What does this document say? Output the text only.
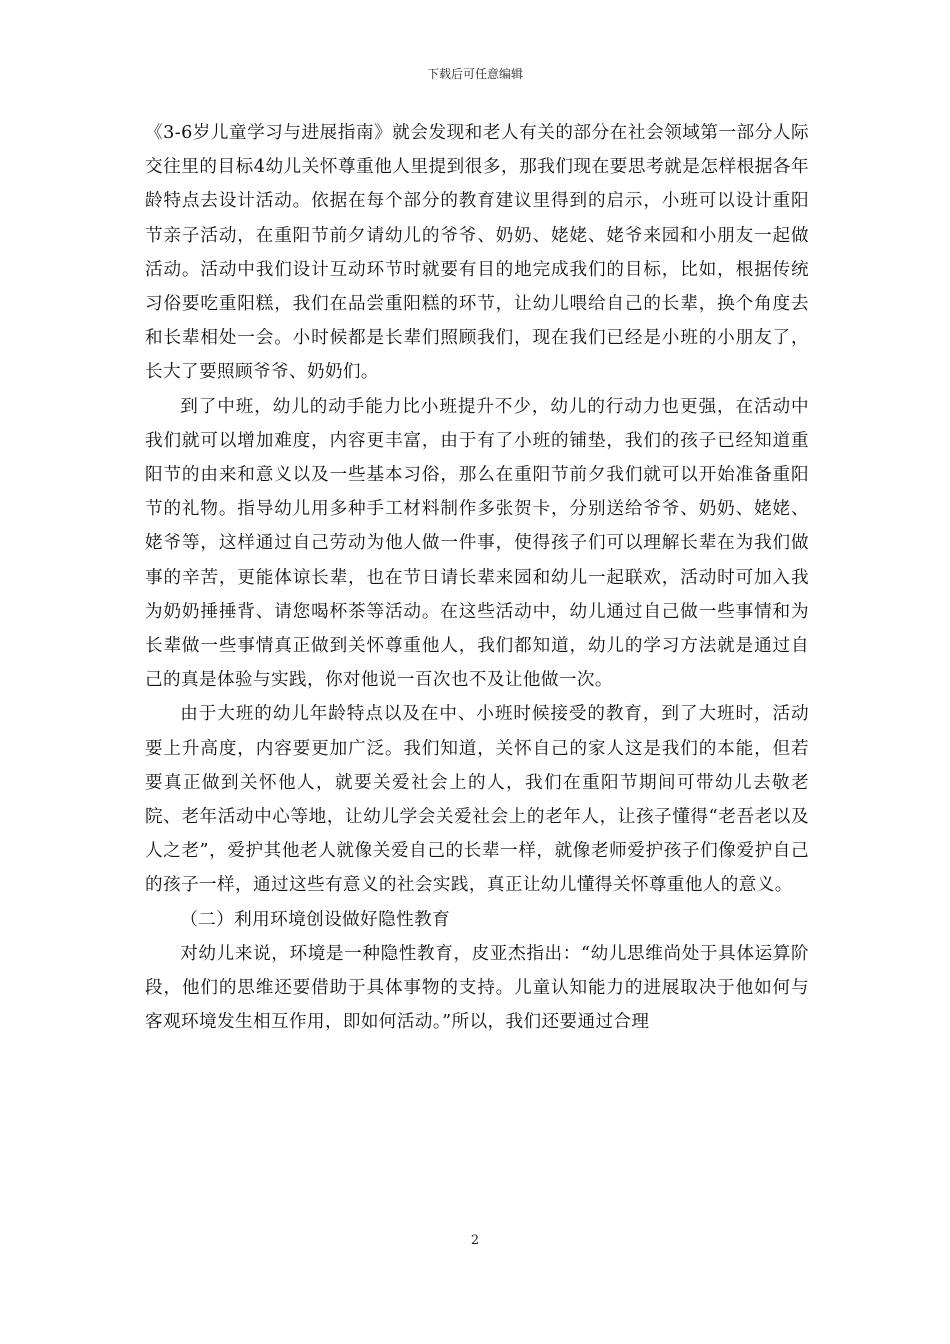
下载后可任意编辑

《3-6岁儿童学习与进展指南》就会发现和老人有关的部分在社会领域第一部分人际交往里的目标4幼儿关怀尊重他人里提到很多，那我们现在要思考就是怎样根据各年龄特点去设计活动。依据在每个部分的教育建议里得到的启示，小班可以设计重阳节亲子活动，在重阳节前夕请幼儿的爷爷、奶奶、姥姥、姥爷来园和小朋友一起做活动。活动中我们设计互动环节时就要有目的地完成我们的目标，比如，根据传统习俗要吃重阳糕，我们在品尝重阳糕的环节，让幼儿喂给自己的长辈，换个角度去和长辈相处一会。小时候都是长辈们照顾我们，现在我们已经是小班的小朋友了，长大了要照顾爷爷、奶奶们。

到了中班，幼儿的动手能力比小班提升不少，幼儿的行动力也更强，在活动中我们就可以增加难度，内容更丰富，由于有了小班的铺垫，我们的孩子已经知道重阳节的由来和意义以及一些基本习俗，那么在重阳节前夕我们就可以开始准备重阳节的礼物。指导幼儿用多种手工材料制作多张贺卡，分别送给爷爷、奶奶、姥姥、姥爷等，这样通过自己劳动为他人做一件事，使得孩子们可以理解长辈在为我们做事的辛苦，更能体谅长辈，也在节日请长辈来园和幼儿一起联欢，活动时可加入我为奶奶捶捶背、请您喝杯茶等活动。在这些活动中，幼儿通过自己做一些事情和为长辈做一些事情真正做到关怀尊重他人，我们都知道，幼儿的学习方法就是通过自己的真是体验与实践，你对他说一百次也不及让他做一次。

由于大班的幼儿年龄特点以及在中、小班时候接受的教育，到了大班时，活动要上升高度，内容要更加广泛。我们知道，关怀自己的家人这是我们的本能，但若要真正做到关怀他人，就要关爱社会上的人，我们在重阳节期间可带幼儿去敬老院、老年活动中心等地，让幼儿学会关爱社会上的老年人，让孩子懂得“老吾老以及人之老”，爱护其他老人就像关爱自己的长辈一样，就像老师爱护孩子们像爱护自己的孩子一样，通过这些有意义的社会实践，真正让幼儿懂得关怀尊重他人的意义。

（二）利用环境创设做好隐性教育

对幼儿来说，环境是一种隐性教育，皮亚杰指出：“幼儿思维尚处于具体运算阶段，他们的思维还要借助于具体事物的支持。儿童认知能力的进展取决于他如何与客观环境发生相互作用，即如何活动。”所以，我们还要通过合理

2
